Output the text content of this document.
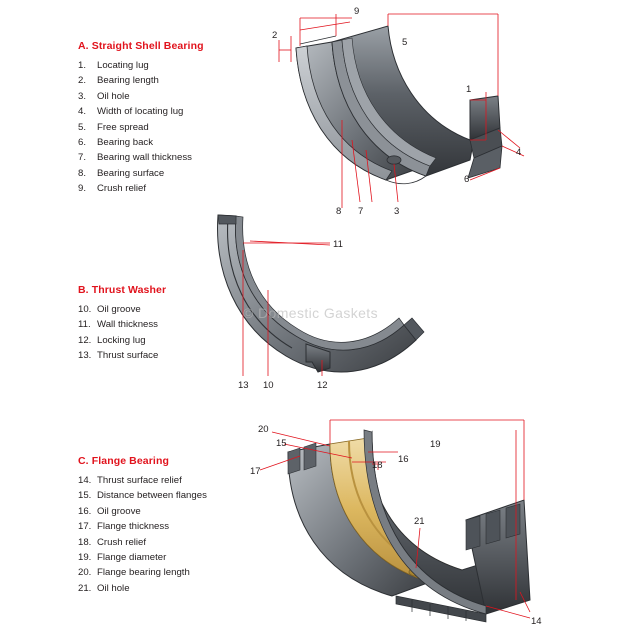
9
2
5
1
4
6
8 7	3
11
13 10	12
20
15
17
19
18
16
21
14
A. Straight Shell Bearing
1.	Locating lug
2.	Bearing length
3.	Oil hole
4.	Width of locating lug
5.	Free spread
6.	Bearing back
7.	Bearing wall thickness
8.	Bearing surface
9.	Crush relief
B. Thrust Washer
10. Oil groove
11. Wall thickness
12. Locking lug
13. Thrust surface
C. Flange Bearing
14. Thrust surface relief
15. Distance between flanges
16. Oil groove
17. Flange thickness
18. Crush relief
19. Flange diameter
20. Flange bearing length
21. Oil hole
© Domestic Gaskets
